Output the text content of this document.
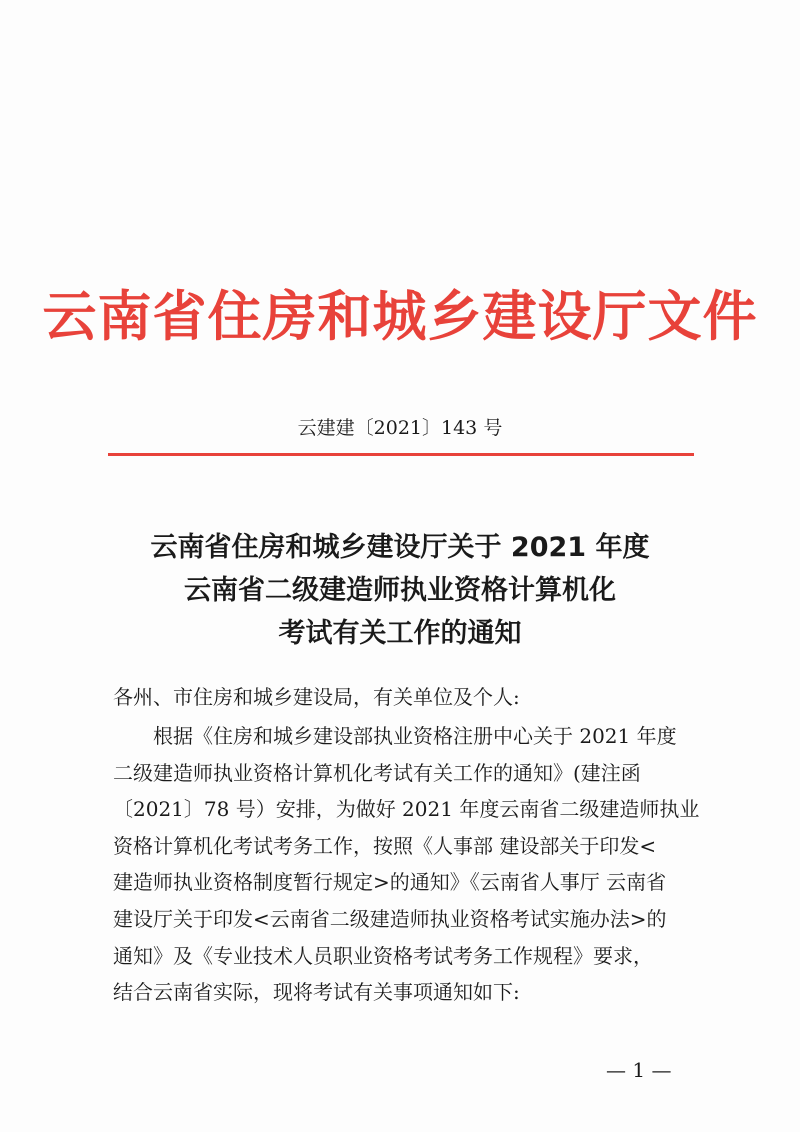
云南省住房和城乡建设厅文件
云建建〔2021〕143 号
云南省住房和城乡建设厅关于 2021 年度
云南省二级建造师执业资格计算机化
考试有关工作的通知
各州、市住房和城乡建设局，有关单位及个人:
根据《住房和城乡建设部执业资格注册中心关于 2021 年度
二级建造师执业资格计算机化考试有关工作的通知》(建注函
〔2021〕78 号）安排，为做好 2021 年度云南省二级建造师执业
资格计算机化考试考务工作，按照《人事部 建设部关于印发<
建造师执业资格制度暂行规定>的通知》《云南省人事厅 云南省
建设厅关于印发<云南省二级建造师执业资格考试实施办法>的
通知》及《专业技术人员职业资格考试考务工作规程》要求，
结合云南省实际，现将考试有关事项通知如下:
— 1 —
